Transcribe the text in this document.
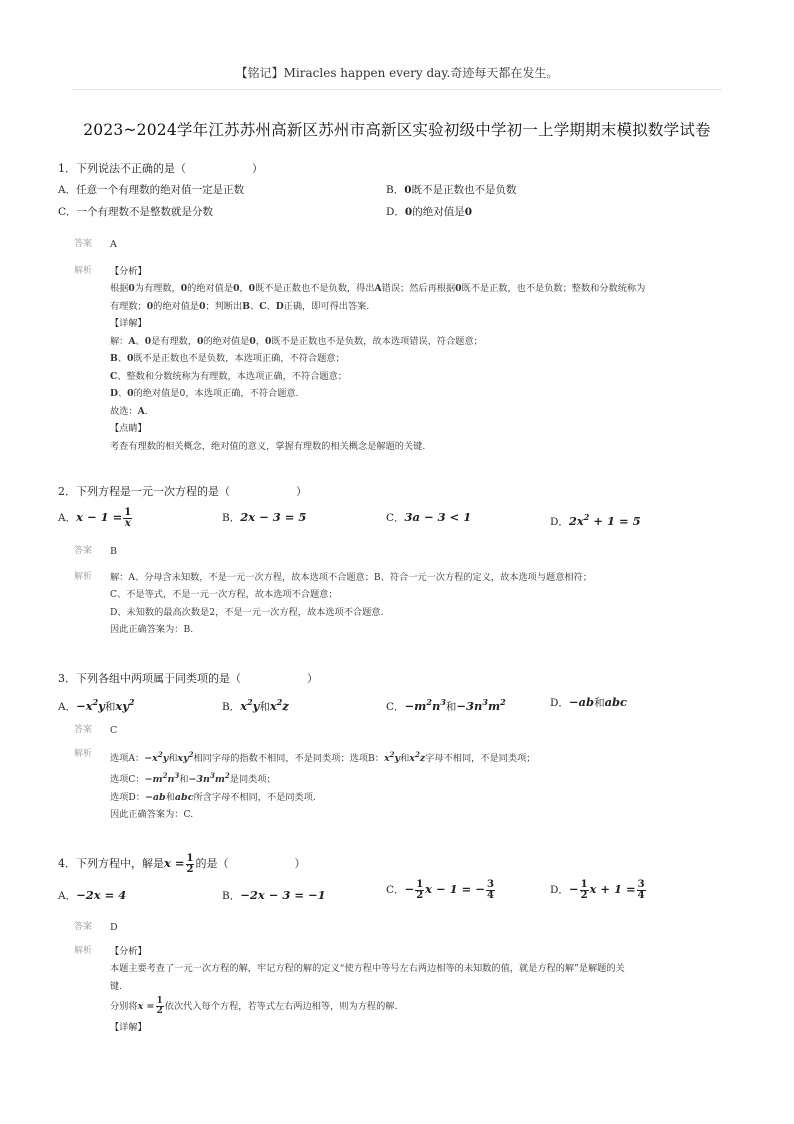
【铭记】Miracles happen every day.奇迹每天都在发生。
2023~2024学年江苏苏州高新区苏州市高新区实验初级中学初一上学期期末模拟数学试卷
1．下列说法不正确的是（　　　　　　）
A．任意一个有理数的绝对值一定是正数	B．0既不是正数也不是负数
C．一个有理数不是整数就是分数	D．0的绝对值是0
答案 A
解析 【分析】
根据0为有理数，0的绝对值是0，0既不是正数也不是负数，得出A错误；然后再根据0既不是正数，也不是负数；整数和分数统称为
有理数；0的绝对值是0；判断出B、C、D正确，即可得出答案.
【详解】
解：A、0是有理数，0的绝对值是0，0既不是正数也不是负数，故本选项错误，符合题意；
B、0既不是正数也不是负数，本选项正确，不符合题意；
C、整数和分数统称为有理数，本选项正确，不符合题意；
D、0的绝对值是0，本选项正确，不符合题意.
故选：A.
【点睛】
考查有理数的相关概念，绝对值的意义，掌握有理数的相关概念是解题的关键.
2．下列方程是一元一次方程的是（　　　　　　）
A．$x - 1 = \frac{1}{x}$	B．2x − 3 = 5	C．3a − 3 < 1	D．$2x^2 + 1 = 5$
答案 B
解析 解：A、分母含未知数，不是一元一次方程，故本选项不合题意；B、符合一元一次方程的定义，故本选项与题意相符；
C、不是等式，不是一元一次方程，故本选项不合题意；
D、未知数的最高次数是2，不是一元一次方程，故本选项不合题意.
因此正确答案为：B.
3．下列各组中两项属于同类项的是（　　　　　　）
A．$-x^2y$和$xy^2$	B．$x^2y$和$x^2z$	C．$-m^2n^3$和$-3n^3m^2$	D．−ab和abc
答案 C
解析 选项A：$-x^2y$和$xy^2$相同字母的指数不相同，不是同类项；选项B：$x^2y$和$x^2z$字母不相同，不是同类项；
选项C：$-m^2n^3$和$-3n^3m^2$是同类项；
选项D：−ab和abc所含字母不相同，不是同类项.
因此正确答案为：C.
4．下列方程中，解是$x = \frac{1}{2}$ 的是（　　　　　　）
A．−2x = 4	B．−2x − 3 = −1	C．− $\frac{1}{2}$ x − 1 = − $\frac{3}{4}$	D．− $\frac{1}{2}$ $x + 1 = \frac{3}{4}$
答案 D
解析 【分析】
本题主要考查了一元一次方程的解，牢记方程的解的定义“使方程中等号左右两边相等的未知数的值，就是方程的解”是解题的关
键.
分别将$x = \frac{1}{2}$ 依次代入每个方程，若等式左右两边相等，则为方程的解.
【详解】
